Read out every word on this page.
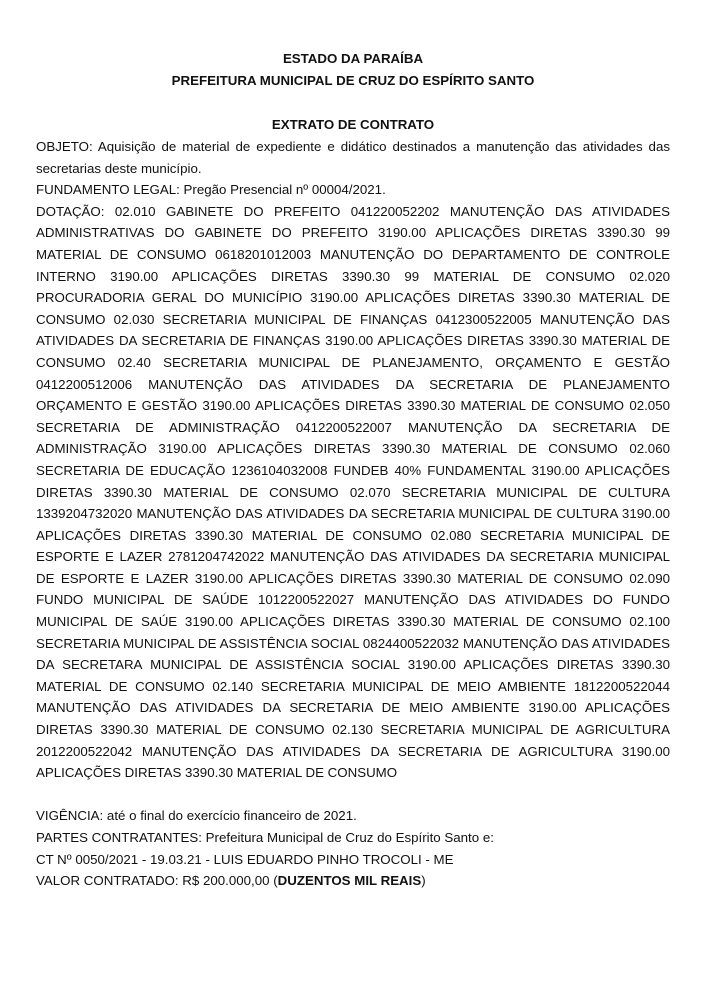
ESTADO DA PARAÍBA

PREFEITURA MUNICIPAL DE CRUZ DO ESPÍRITO SANTO

EXTRATO DE CONTRATO

OBJETO: Aquisição de material de expediente e didático destinados a manutenção das atividades das secretarias deste município.

FUNDAMENTO LEGAL: Pregão Presencial nº 00004/2021.

DOTAÇÃO: 02.010 GABINETE DO PREFEITO 041220052202 MANUTENÇÃO DAS ATIVIDADES ADMINISTRATIVAS DO GABINETE DO PREFEITO 3190.00 APLICAÇÕES DIRETAS 3390.30 99 MATERIAL DE CONSUMO 0618201012003 MANUTENÇÃO DO DEPARTAMENTO DE CONTROLE INTERNO 3190.00 APLICAÇÕES DIRETAS 3390.30 99 MATERIAL DE CONSUMO 02.020 PROCURADORIA GERAL DO MUNICÍPIO 3190.00 APLICAÇÕES DIRETAS 3390.30 MATERIAL DE CONSUMO 02.030 SECRETARIA MUNICIPAL DE FINANÇAS 0412300522005 MANUTENÇÃO DAS ATIVIDADES DA SECRETARIA DE FINANÇAS 3190.00 APLICAÇÕES DIRETAS 3390.30 MATERIAL DE CONSUMO 02.40 SECRETARIA MUNICIPAL DE PLANEJAMENTO, ORÇAMENTO E GESTÃO 0412200512006 MANUTENÇÃO DAS ATIVIDADES DA SECRETARIA DE PLANEJAMENTO ORÇAMENTO E GESTÃO 3190.00 APLICAÇÕES DIRETAS 3390.30 MATERIAL DE CONSUMO 02.050 SECRETARIA DE ADMINISTRAÇÃO 0412200522007 MANUTENÇÃO DA SECRETARIA DE ADMINISTRAÇÃO 3190.00 APLICAÇÕES DIRETAS 3390.30 MATERIAL DE CONSUMO 02.060 SECRETARIA DE EDUCAÇÃO 1236104032008 FUNDEB 40% FUNDAMENTAL 3190.00 APLICAÇÕES DIRETAS 3390.30 MATERIAL DE CONSUMO 02.070 SECRETARIA MUNICIPAL DE CULTURA 1339204732020 MANUTENÇÃO DAS ATIVIDADES DA SECRETARIA MUNICIPAL DE CULTURA 3190.00 APLICAÇÕES DIRETAS 3390.30 MATERIAL DE CONSUMO 02.080 SECRETARIA MUNICIPAL DE ESPORTE E LAZER 2781204742022 MANUTENÇÃO DAS ATIVIDADES DA SECRETARIA MUNICIPAL DE ESPORTE E LAZER 3190.00 APLICAÇÕES DIRETAS 3390.30 MATERIAL DE CONSUMO 02.090 FUNDO MUNICIPAL DE SAÚDE 1012200522027 MANUTENÇÃO DAS ATIVIDADES DO FUNDO MUNICIPAL DE SAÚE 3190.00 APLICAÇÕES DIRETAS 3390.30 MATERIAL DE CONSUMO 02.100 SECRETARIA MUNICIPAL DE ASSISTÊNCIA SOCIAL 0824400522032 MANUTENÇÃO DAS ATIVIDADES DA SECRETARA MUNICIPAL DE ASSISTÊNCIA SOCIAL 3190.00 APLICAÇÕES DIRETAS 3390.30 MATERIAL DE CONSUMO 02.140 SECRETARIA MUNICIPAL DE MEIO AMBIENTE 1812200522044 MANUTENÇÃO DAS ATIVIDADES DA SECRETARIA DE MEIO AMBIENTE 3190.00 APLICAÇÕES DIRETAS 3390.30 MATERIAL DE CONSUMO 02.130 SECRETARIA MUNICIPAL DE AGRICULTURA 2012200522042 MANUTENÇÃO DAS ATIVIDADES DA SECRETARIA DE AGRICULTURA 3190.00 APLICAÇÕES DIRETAS 3390.30 MATERIAL DE CONSUMO

VIGÊNCIA: até o final do exercício financeiro de 2021.

PARTES CONTRATANTES: Prefeitura Municipal de Cruz do Espírito Santo e:

CT Nº 0050/2021 - 19.03.21 - LUIS EDUARDO PINHO TROCOLI - ME

VALOR CONTRATADO: R$ 200.000,00 (DUZENTOS MIL REAIS)
